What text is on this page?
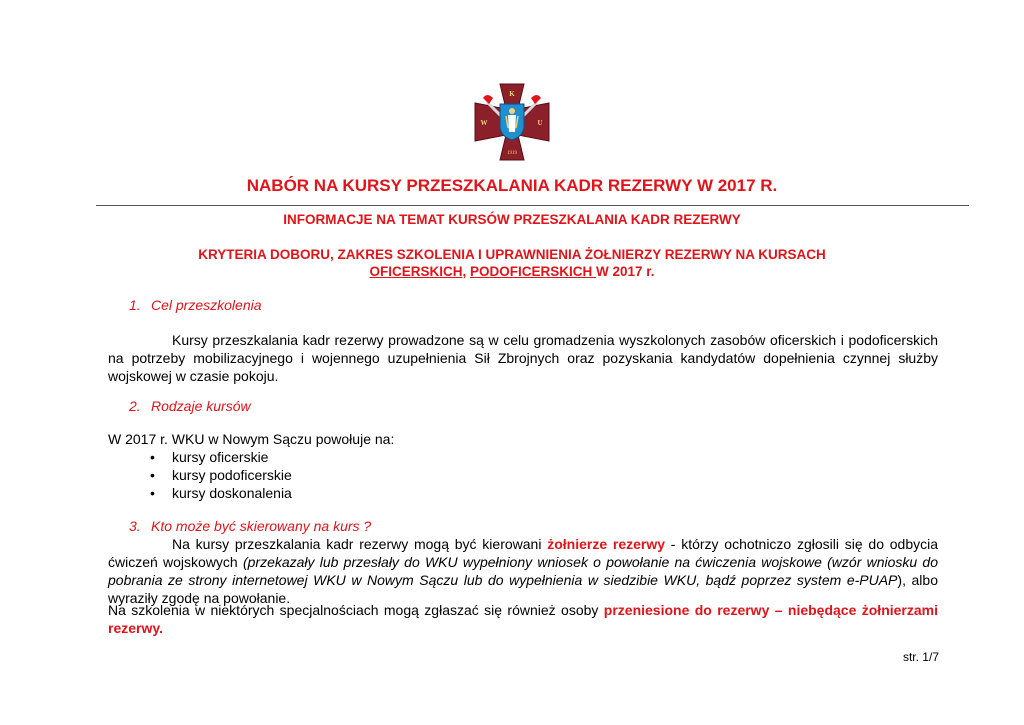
K
W	U
1919
NABÓR NA KURSY PRZESZKALANIA KADR REZERWY W 2017 R.
INFORMACJE NA TEMAT KURSÓW PRZESZKALANIA KADR REZERWY
KRYTERIA DOBORU, ZAKRES SZKOLENIA I UPRAWNIENIA ŻOŁNIERZY REZERWY NA KURSACH
OFICERSKICH, PODOFICERSKICH W 2017 r.
1. Cel przeszkolenia
Kursy przeszkalania kadr rezerwy prowadzone są w celu gromadzenia wyszkolonych zasobów oficerskich i podoficerskich na potrzeby mobilizacyjnego i wojennego uzupełnienia Sił Zbrojnych oraz pozyskania kandydatów dopełnienia czynnej służby wojskowej w czasie pokoju.
2. Rodzaje kursów
W 2017 r. WKU w Nowym Sączu powołuje na:
• kursy oficerskie
• kursy podoficerskie
• kursy doskonalenia
3. Kto może być skierowany na kurs ?
Na kursy przeszkalania kadr rezerwy mogą być kierowani żołnierze rezerwy - którzy ochotniczo zgłosili się do odbycia ćwiczeń wojskowych (przekazały lub przesłały do WKU wypełniony wniosek o powołanie na ćwiczenia wojskowe (wzór wniosku do pobrania ze strony internetowej WKU w Nowym Sączu lub do wypełnienia w siedzibie WKU, bądź poprzez system e-PUAP), albo wyraziły zgodę na powołanie.
Na szkolenia w niektórych specjalnościach mogą zgłaszać się również osoby przeniesione do rezerwy – niebędące żołnierzami rezerwy.
str. 1/7
